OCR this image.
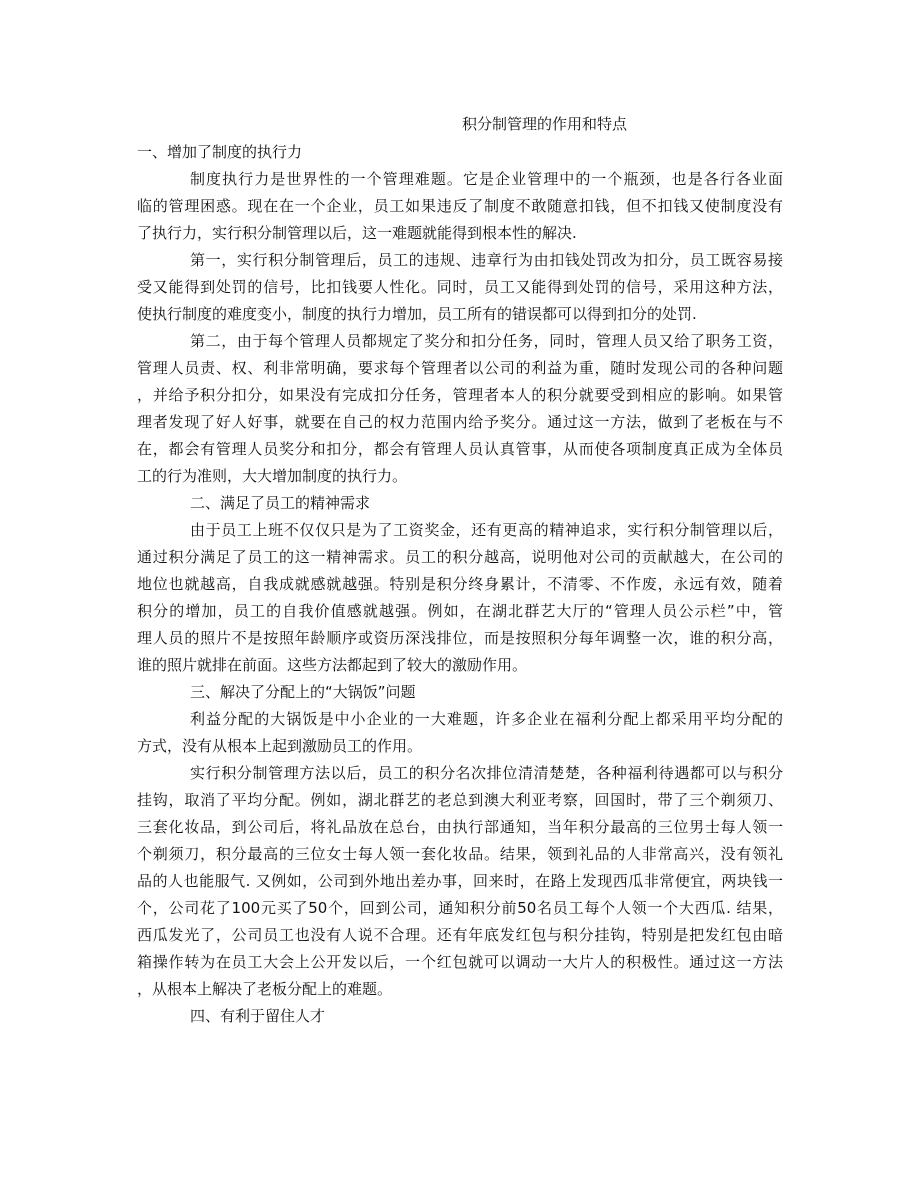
积分制管理的作用和特点
一、增加了制度的执行力
制度执行力是世界性的一个管理难题。它是企业管理中的一个瓶颈，也是各行各业面
临的管理困惑。现在在一个企业，员工如果违反了制度不敢随意扣钱，但不扣钱又使制度没有
了执行力，实行积分制管理以后，这一难题就能得到根本性的解决.
第一，实行积分制管理后，员工的违规、违章行为由扣钱处罚改为扣分，员工既容易接
受又能得到处罚的信号，比扣钱要人性化。同时，员工又能得到处罚的信号，采用这种方法，
使执行制度的难度变小，制度的执行力增加，员工所有的错误都可以得到扣分的处罚.
第二，由于每个管理人员都规定了奖分和扣分任务，同时，管理人员又给了职务工资，
管理人员责、权、利非常明确，要求每个管理者以公司的利益为重，随时发现公司的各种问题
，并给予积分扣分，如果没有完成扣分任务，管理者本人的积分就要受到相应的影响。如果管
理者发现了好人好事，就要在自己的权力范围内给予奖分。通过这一方法，做到了老板在与不
在，都会有管理人员奖分和扣分，都会有管理人员认真管事，从而使各项制度真正成为全体员
工的行为准则，大大增加制度的执行力。
二、满足了员工的精神需求
由于员工上班不仅仅只是为了工资奖金，还有更高的精神追求，实行积分制管理以后，
通过积分满足了员工的这一精神需求。员工的积分越高，说明他对公司的贡献越大，在公司的
地位也就越高，自我成就感就越强。特别是积分终身累计，不清零、不作废，永远有效，随着
积分的增加，员工的自我价值感就越强。例如，在湖北群艺大厅的“管理人员公示栏”中，管
理人员的照片不是按照年龄顺序或资历深浅排位，而是按照积分每年调整一次，谁的积分高，
谁的照片就排在前面。这些方法都起到了较大的激励作用。
三、解决了分配上的“大锅饭”问题
利益分配的大锅饭是中小企业的一大难题，许多企业在福利分配上都采用平均分配的
方式，没有从根本上起到激励员工的作用。
实行积分制管理方法以后，员工的积分名次排位清清楚楚，各种福利待遇都可以与积分
挂钩，取消了平均分配。例如，湖北群艺的老总到澳大利亚考察，回国时，带了三个剃须刀、
三套化妆品，到公司后，将礼品放在总台，由执行部通知，当年积分最高的三位男士每人领一
个剃须刀，积分最高的三位女士每人领一套化妆品。结果，领到礼品的人非常高兴，没有领礼
品的人也能服气. 又例如，公司到外地出差办事，回来时，在路上发现西瓜非常便宜，两块钱一
个，公司花了100元买了50个，回到公司，通知积分前50名员工每个人领一个大西瓜. 结果，
西瓜发光了，公司员工也没有人说不合理。还有年底发红包与积分挂钩，特别是把发红包由暗
箱操作转为在员工大会上公开发以后，一个红包就可以调动一大片人的积极性。通过这一方法
，从根本上解决了老板分配上的难题。
四、有利于留住人才
